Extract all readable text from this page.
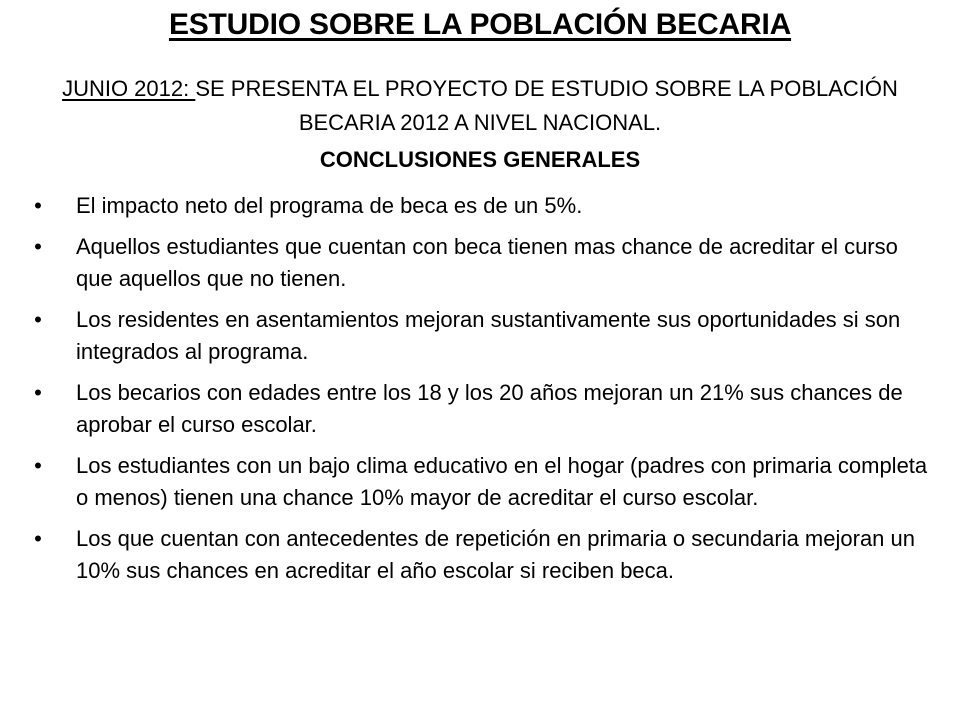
ESTUDIO SOBRE LA POBLACIÓN BECARIA
JUNIO 2012: SE PRESENTA EL PROYECTO DE ESTUDIO SOBRE LA POBLACIÓN BECARIA 2012 A NIVEL NACIONAL.
CONCLUSIONES GENERALES
• El impacto neto del programa de beca es de un 5%.
• Aquellos estudiantes que cuentan con beca tienen mas chance de acreditar el curso que aquellos que no tienen.
• Los residentes en asentamientos mejoran sustantivamente sus oportunidades si son integrados al programa.
• Los becarios con edades entre los 18 y los 20 años mejoran un 21% sus chances de aprobar el curso escolar.
• Los estudiantes con un bajo clima educativo en el hogar (padres con primaria completa o menos) tienen una chance 10% mayor de acreditar el curso escolar.
• Los que cuentan con antecedentes de repetición en primaria o secundaria mejoran un 10% sus chances en acreditar el año escolar si reciben beca.
